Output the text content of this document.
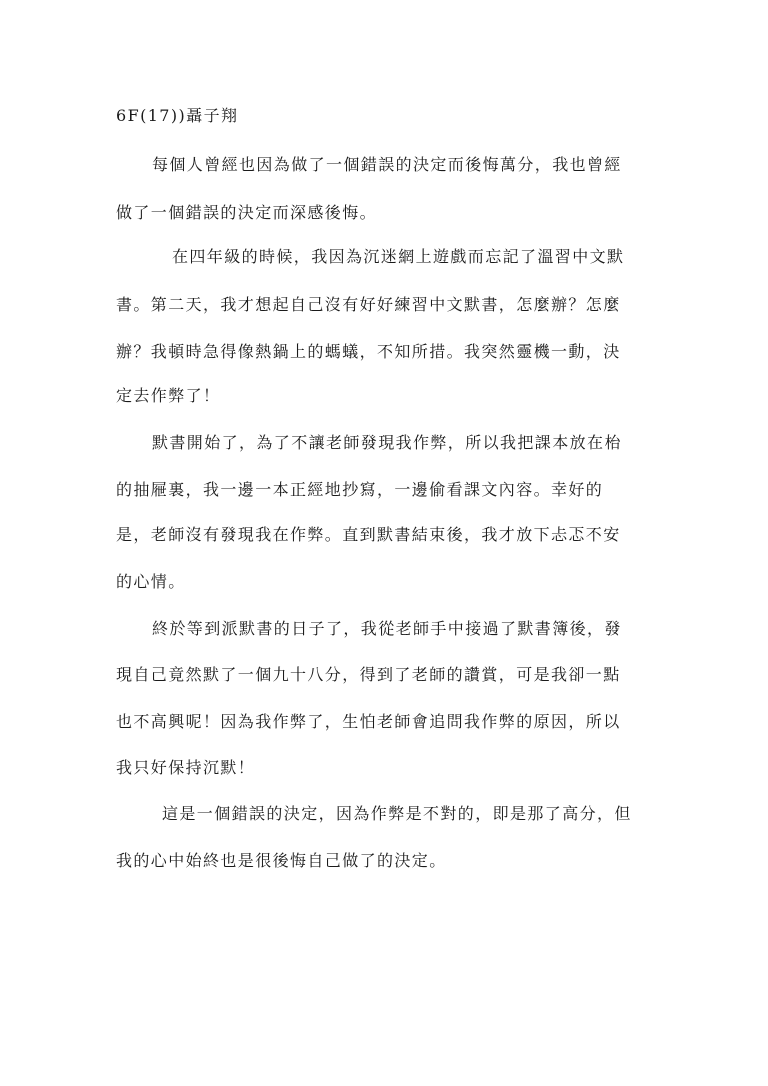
6F(17))聶子翔
每個人曾經也因為做了一個錯誤的決定而後悔萬分，我也曾經
做了一個錯誤的決定而深感後悔。
在四年級的時候，我因為沉迷網上遊戲而忘記了溫習中文默
書。第二天，我才想起自己沒有好好練習中文默書，怎麼辦？怎麼
辦？我頓時急得像熱鍋上的螞蟻，不知所措。我突然靈機一動，決
定去作弊了！
默書開始了，為了不讓老師發現我作弊，所以我把課本放在枱
的抽屜裏，我一邊一本正經地抄寫，一邊偷看課文內容。幸好的
是，老師沒有發現我在作弊。直到默書結束後，我才放下忐忑不安
的心情。
終於等到派默書的日子了，我從老師手中接過了默書簿後，發
現自己竟然默了一個九十八分，得到了老師的讚賞，可是我卻一點
也不高興呢！因為我作弊了，生怕老師會追問我作弊的原因，所以
我只好保持沉默！
這是一個錯誤的決定，因為作弊是不對的，即是那了高分，但
我的心中始終也是很後悔自己做了的決定。
